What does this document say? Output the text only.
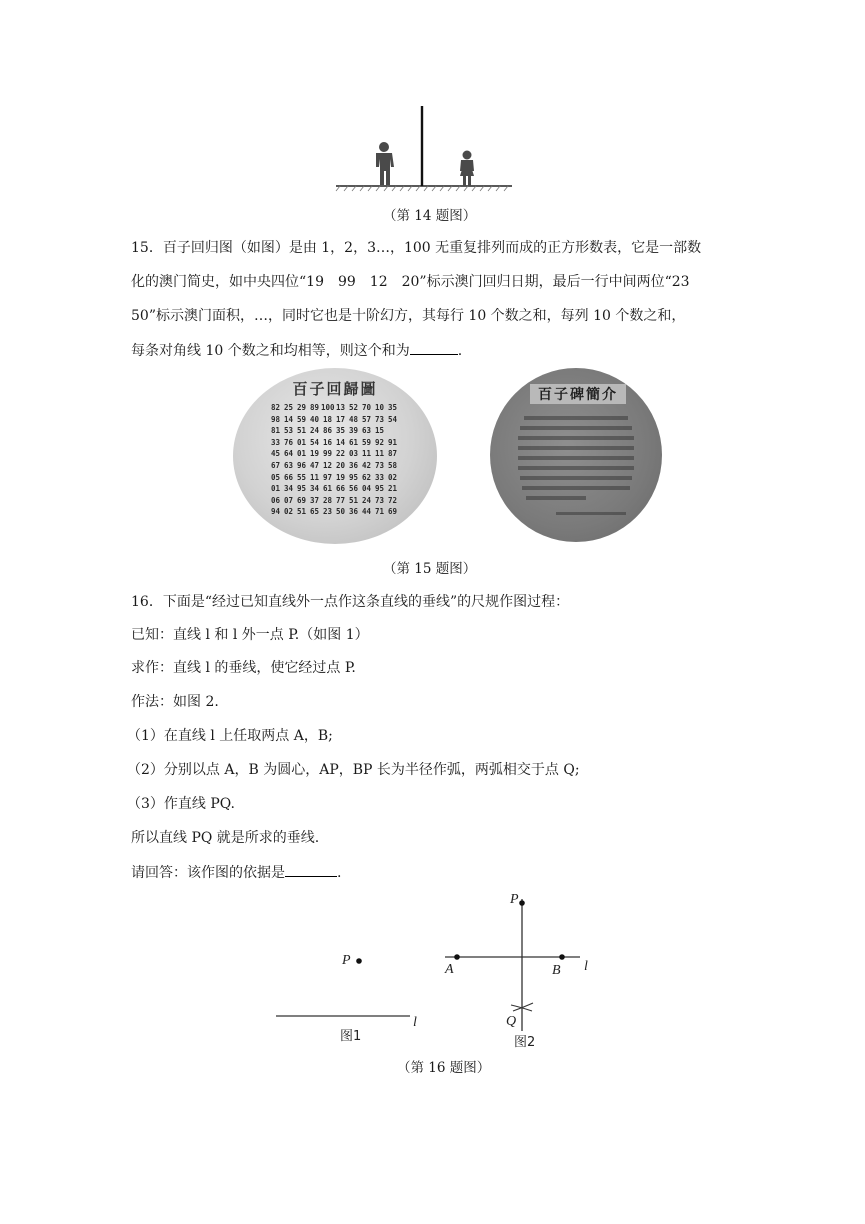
（第 14 题图）
15．百子回归图（如图）是由 1，2，3…，100 无重复排列而成的正方形数表，它是一部数
化的澳门简史，如中央四位“19　99　12　20”标示澳门回归日期，最后一行中间两位“23
50”标示澳门面积，…，同时它也是十阶幻方，其每行 10 个数之和，每列 10 个数之和，
每条对角线 10 个数之和均相等，则这个和为	.
百子回歸圖
82 25 29 89 100 13 52 70 10 35
98 14 59 40 18 17 48 57 73 54
81 53 51 24 86 35 39 63 15
33 76 01 54 16 14 61 59 92 91
45 64 01 19 99 22 03 11 11 87
67 63 96 47 12 20 36 42 73 58
05 66 55 11 97 19 95 62 33 02
01 34 95 34 61 66 56 04 95 21
06 07 69 37 28 77 51 24 73 72
94 02 51 65 23 50 36 44 71 69
百子碑簡介
（第 15 题图）
16．下面是“经过已知直线外一点作这条直线的垂线”的尺规作图过程：
已知：直线 l 和 l 外一点 P.（如图 1）
求作：直线 l 的垂线，使它经过点 P.
作法：如图 2.
（1）在直线 l 上任取两点 A，B;
（2）分别以点 A，B 为圆心，AP，BP 长为半径作弧，两弧相交于点 Q;
（3）作直线 PQ.
所以直线 PQ 就是所求的垂线.
请回答：该作图的依据是	.
P
l
图1
P
A	B l
Q
图2
（第 16 题图）
